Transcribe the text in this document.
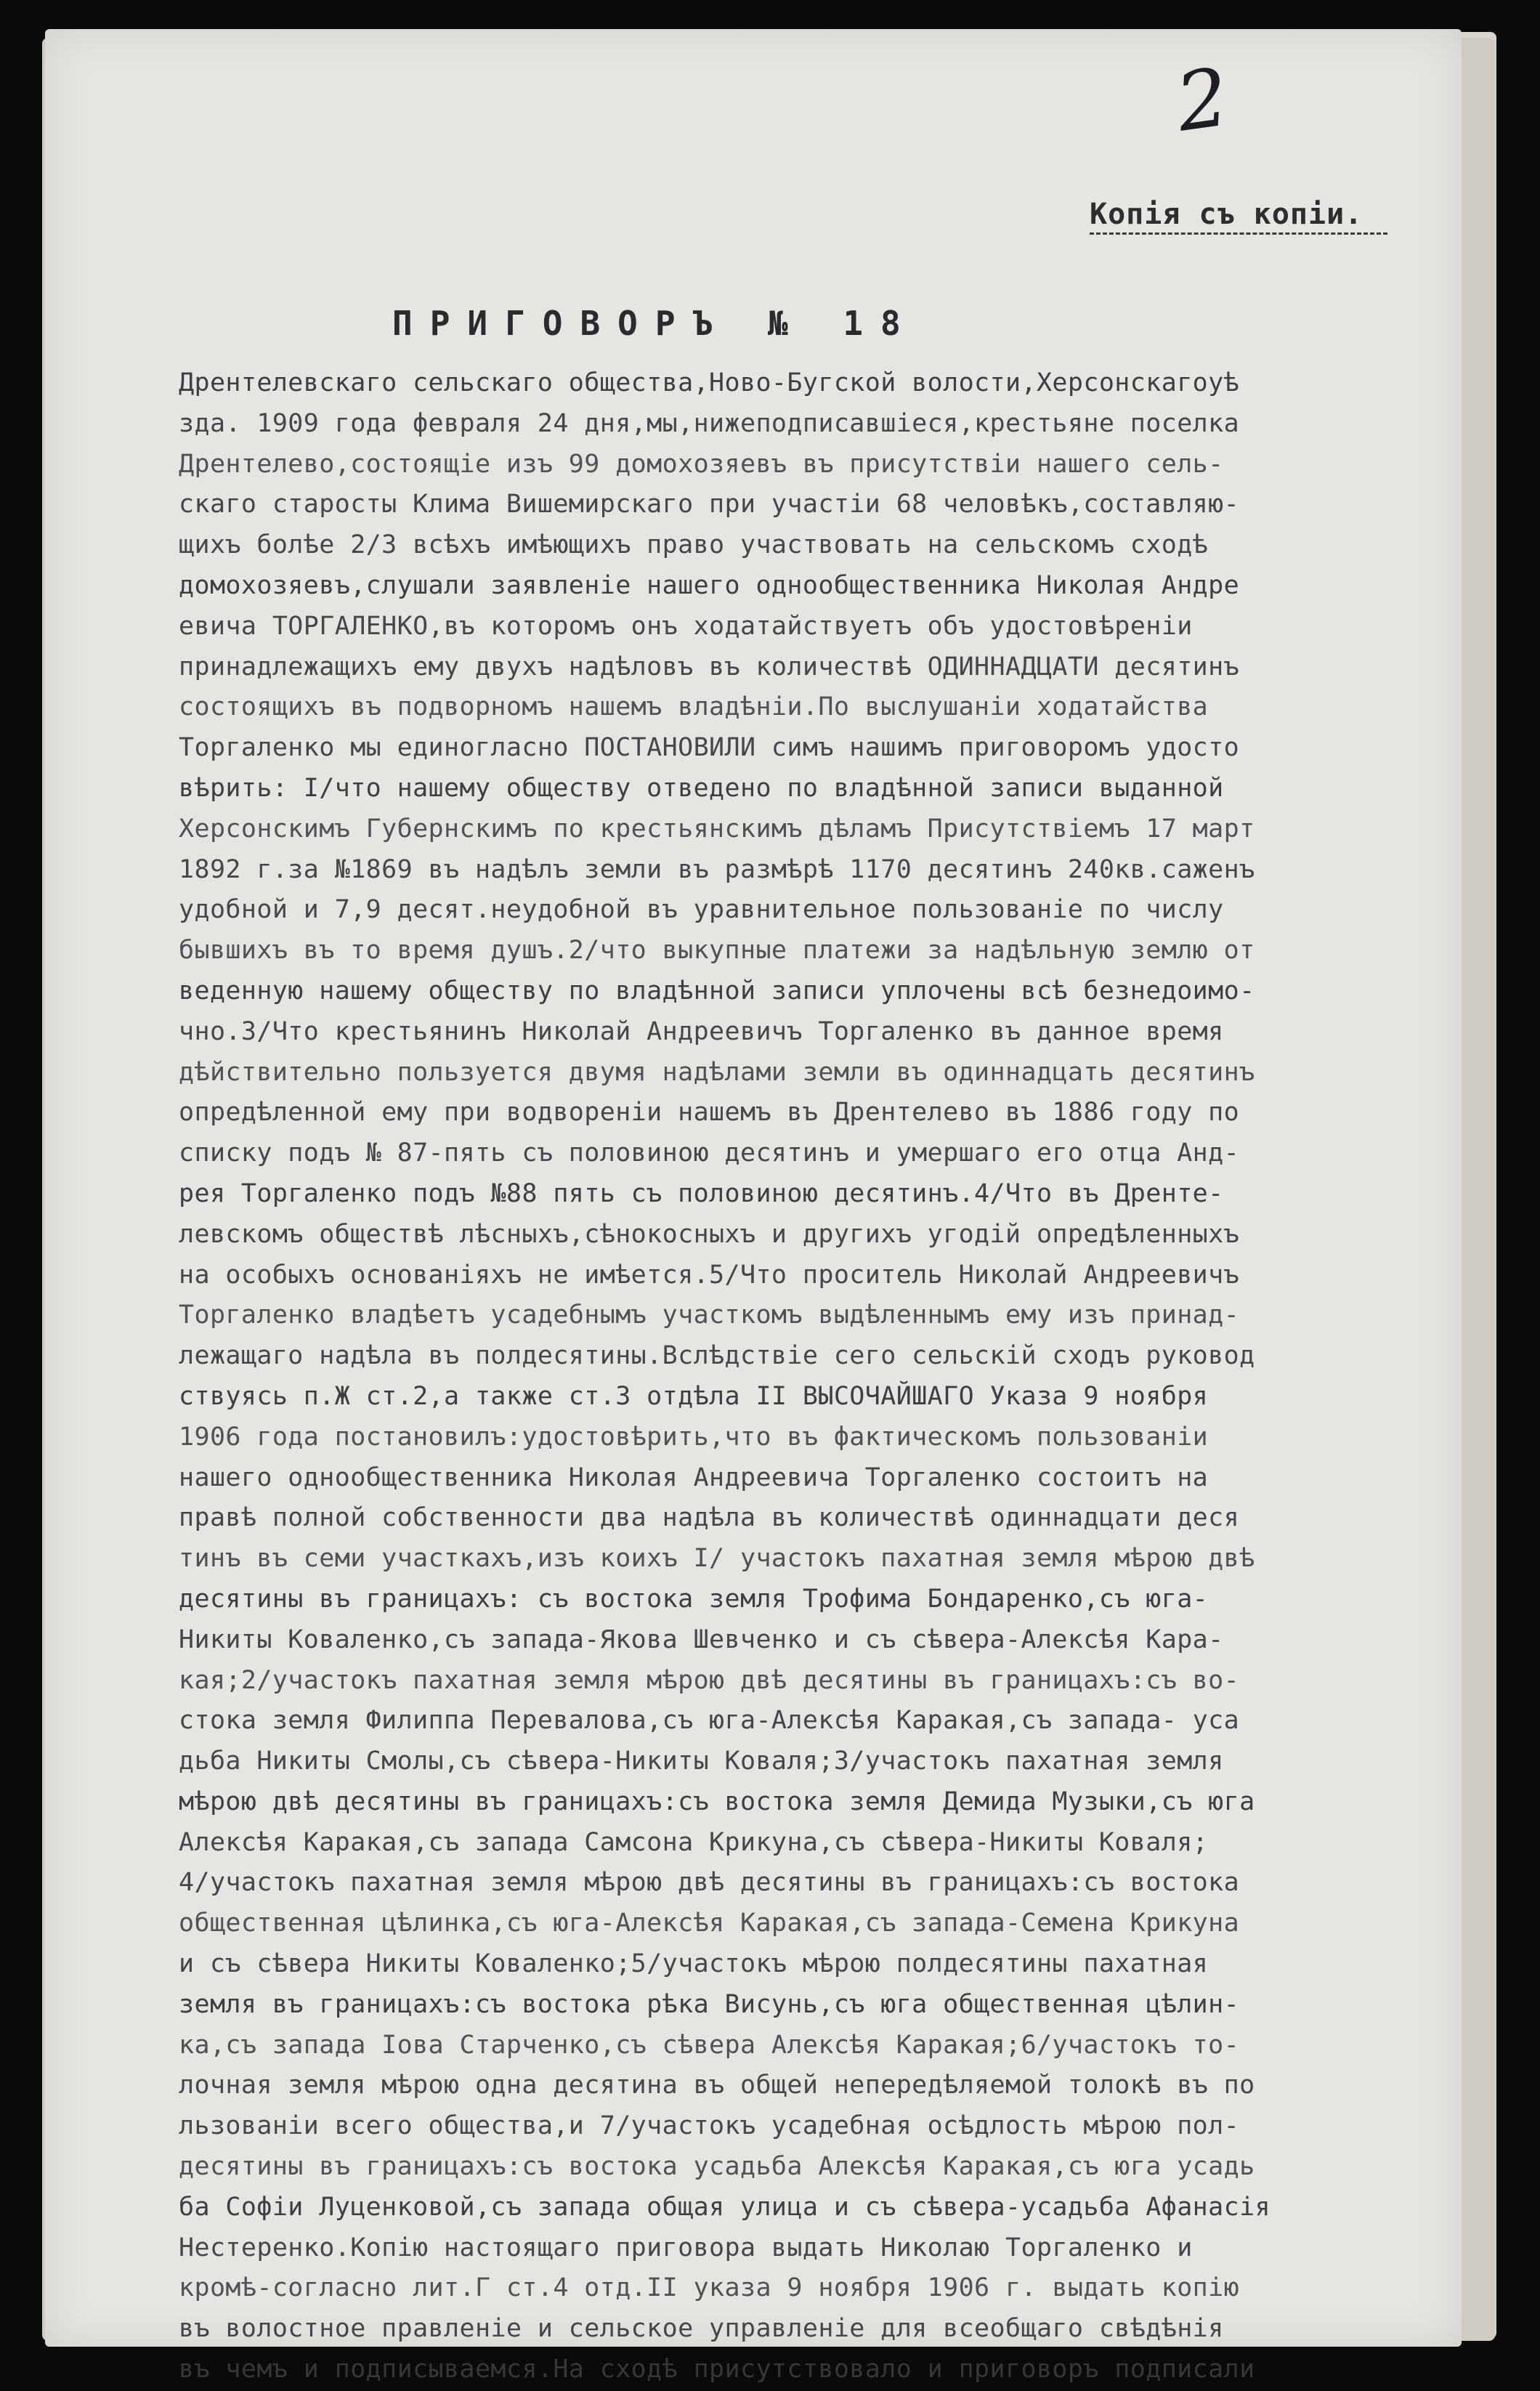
2
Копія съ копіи.
ПРИГОВОРЪ № 18
Дрентелевскаго сельскаго общества,Ново-Бугской волости,Херсонскагоуѣ
зда. 1909 года февраля 24 дня,мы,нижеподписавшіеся,крестьяне поселка
Дрентелево,состоящіе изъ 99 домохозяевъ въ присутствіи нашего сель-
скаго старосты Клима Вишемирскаго при участіи 68 человѣкъ,составляю-
щихъ болѣе 2/3 всѣхъ имѣющихъ право участвовать на сельскомъ сходѣ
домохозяевъ,слушали заявленіе нашего однообщественника Николая Андре
евича ТОРГАЛЕНКО,въ которомъ онъ ходатайствуетъ объ удостовѣреніи
принадлежащихъ ему двухъ надѣловъ въ количествѣ ОДИННАДЦАТИ десятинъ
состоящихъ въ подворномъ нашемъ владѣніи.По выслушаніи ходатайства
Торгаленко мы единогласно ПОСТАНОВИЛИ симъ нашимъ приговоромъ удосто
вѣрить: I/что нашему обществу отведено по владѣнной записи выданной
Херсонскимъ Губернскимъ по крестьянскимъ дѣламъ Присутствіемъ 17 март
1892 г.за №1869 въ надѣлъ земли въ размѣрѣ 1170 десятинъ 240кв.саженъ
удобной и 7,9 десят.неудобной въ уравнительное пользованіе по числу
бывшихъ въ то время душъ.2/что выкупные платежи за надѣльную землю от
веденную нашему обществу по владѣнной записи уплочены всѣ безнедоимо-
чно.3/Что крестьянинъ Николай Андреевичъ Торгаленко въ данное время
дѣйствительно пользуется двумя надѣлами земли въ одиннадцать десятинъ
опредѣленной ему при водвореніи нашемъ въ Дрентелево въ 1886 году по
списку подъ № 87-пять съ половиною десятинъ и умершаго его отца Анд-
рея Торгаленко подъ №88 пять съ половиною десятинъ.4/Что въ Дренте-
левскомъ обществѣ лѣсныхъ,сѣнокосныхъ и другихъ угодій опредѣленныхъ
на особыхъ основаніяхъ не имѣется.5/Что проситель Николай Андреевичъ
Торгаленко владѣетъ усадебнымъ участкомъ выдѣленнымъ ему изъ принад-
лежащаго надѣла въ полдесятины.Вслѣдствіе сего сельскій сходъ руковод
ствуясь п.Ж ст.2,а также ст.3 отдѣла II ВЫСОЧАЙШАГО Указа 9 ноября
1906 года постановилъ:удостовѣрить,что въ фактическомъ пользованіи
нашего однообщественника Николая Андреевича Торгаленко состоитъ на
правѣ полной собственности два надѣла въ количествѣ одиннадцати деся
тинъ въ семи участкахъ,изъ коихъ I/ участокъ пахатная земля мѣрою двѣ
десятины въ границахъ: съ востока земля Трофима Бондаренко,съ юга-
Никиты Коваленко,съ запада-Якова Шевченко и съ сѣвера-Алексѣя Кара-
кая;2/участокъ пахатная земля мѣрою двѣ десятины въ границахъ:съ во-
стока земля Филиппа Перевалова,съ юга-Алексѣя Каракая,съ запада- уса
дьба Никиты Смолы,съ сѣвера-Никиты Коваля;3/участокъ пахатная земля
мѣрою двѣ десятины въ границахъ:съ востока земля Демида Музыки,съ юга
Алексѣя Каракая,съ запада Самсона Крикуна,съ сѣвера-Никиты Коваля;
4/участокъ пахатная земля мѣрою двѣ десятины въ границахъ:съ востока
общественная цѣлинка,съ юга-Алексѣя Каракая,съ запада-Семена Крикуна
и съ сѣвера Никиты Коваленко;5/участокъ мѣрою полдесятины пахатная
земля въ границахъ:съ востока рѣка Висунь,съ юга общественная цѣлин-
ка,съ запада Іова Старченко,съ сѣвера Алексѣя Каракая;6/участокъ то-
лочная земля мѣрою одна десятина въ общей непередѣляемой толокѣ въ по
льзованіи всего общества,и 7/участокъ усадебная осѣдлость мѣрою пол-
десятины въ границахъ:съ востока усадьба Алексѣя Каракая,съ юга усадь
ба Софіи Луценковой,съ запада общая улица и съ сѣвера-усадьба Афанасія
Нестеренко.Копію настоящаго приговора выдать Николаю Торгаленко и
кромѣ-согласно лит.Г ст.4 отд.II указа 9 ноября 1906 г. выдать копію
въ волостное правленіе и сельское управленіе для всеобщаго свѣдѣнія
въ чемъ и подписываемся.На сходѣ присутствовало и приговоръ подписали
